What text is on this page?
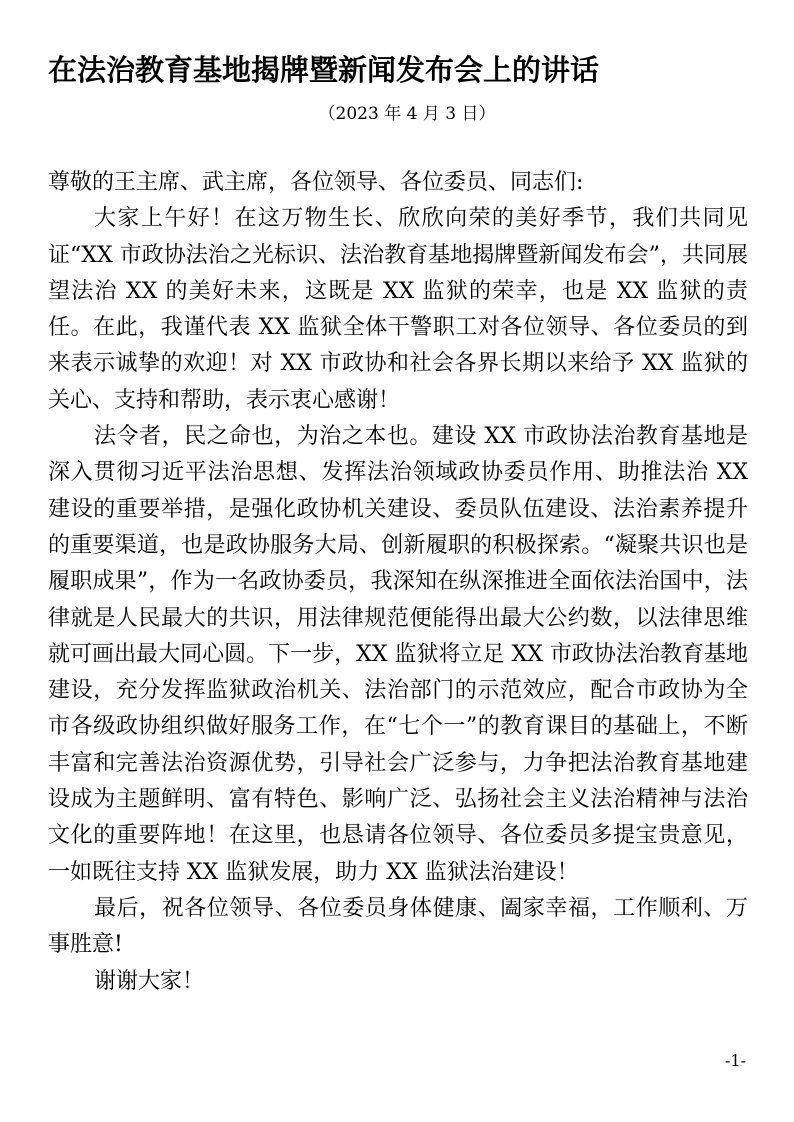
在法治教育基地揭牌暨新闻发布会上的讲话
（2023 年 4 月 3 日）

尊敬的王主席、武主席，各位领导、各位委员、同志们:

大家上午好！在这万物生长、欣欣向荣的美好季节，我们共同见证“XX 市政协法治之光标识、法治教育基地揭牌暨新闻发布会”，共同展望法治 XX 的美好未来，这既是 XX 监狱的荣幸，也是 XX 监狱的责任。在此，我谨代表 XX 监狱全体干警职工对各位领导、各位委员的到来表示诚挚的欢迎！对 XX 市政协和社会各界长期以来给予 XX 监狱的关心、支持和帮助，表示衷心感谢！

法令者，民之命也，为治之本也。建设 XX 市政协法治教育基地是深入贯彻习近平法治思想、发挥法治领域政协委员作用、助推法治 XX 建设的重要举措，是强化政协机关建设、委员队伍建设、法治素养提升的重要渠道，也是政协服务大局、创新履职的积极探索。“凝聚共识也是履职成果”，作为一名政协委员，我深知在纵深推进全面依法治国中，法律就是人民最大的共识，用法律规范便能得出最大公约数，以法律思维就可画出最大同心圆。下一步，XX 监狱将立足 XX 市政协法治教育基地建设，充分发挥监狱政治机关、法治部门的示范效应，配合市政协为全市各级政协组织做好服务工作，在“七个一”的教育课目的基础上，不断丰富和完善法治资源优势，引导社会广泛参与，力争把法治教育基地建设成为主题鲜明、富有特色、影响广泛、弘扬社会主义法治精神与法治文化的重要阵地！在这里，也恳请各位领导、各位委员多提宝贵意见，一如既往支持 XX 监狱发展，助力 XX 监狱法治建设！

最后，祝各位领导、各位委员身体健康、阖家幸福，工作顺利、万事胜意!

谢谢大家！

-1-
